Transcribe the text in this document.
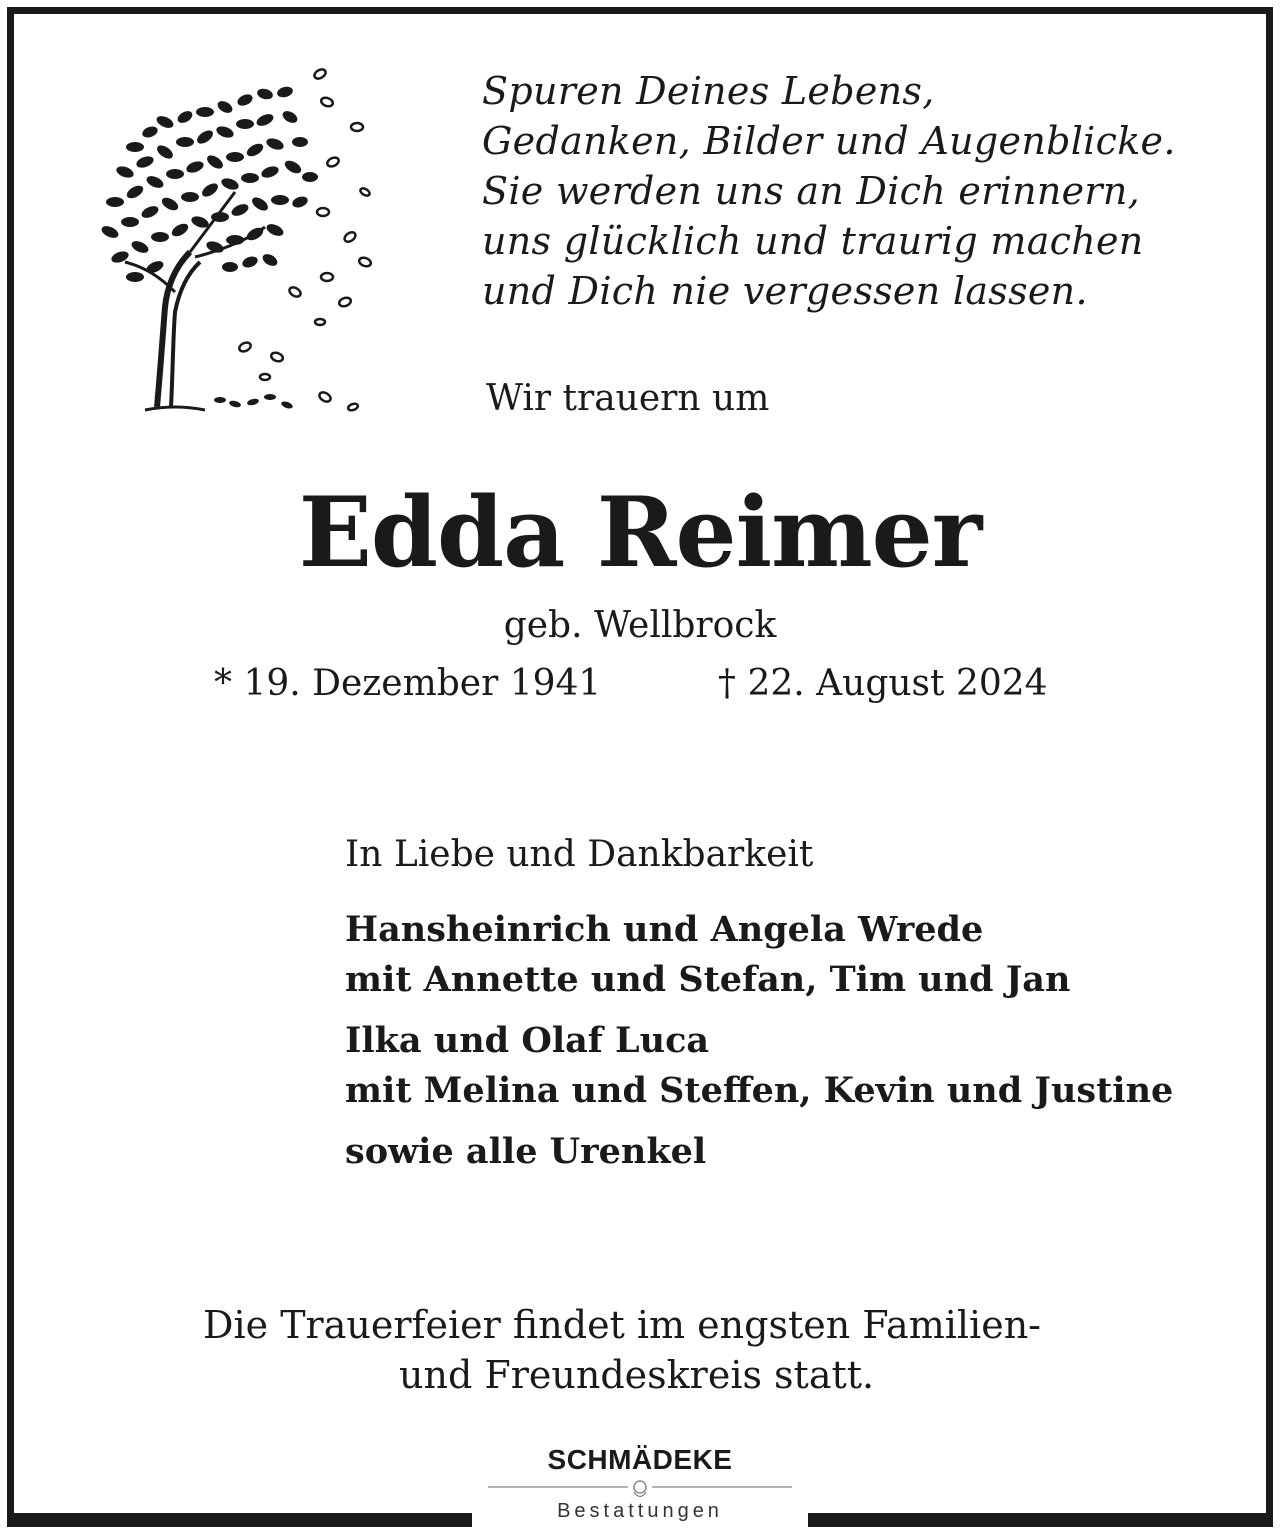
Spuren Deines Lebens,
Gedanken, Bilder und Augenblicke.
Sie werden uns an Dich erinnern,
uns glücklich und traurig machen
und Dich nie vergessen lassen.
Wir trauern um
Edda Reimer
geb. Wellbrock
* 19. Dezember 1941	† 22. August 2024
In Liebe und Dankbarkeit
Hansheinrich und Angela Wrede
mit Annette und Stefan, Tim und Jan
Ilka und Olaf Luca
mit Melina und Steffen, Kevin und Justine
sowie alle Urenkel
Die Trauerfeier findet im engsten Familien-
und Freundeskreis statt.
SCHMÄDEKE
Bestattungen
